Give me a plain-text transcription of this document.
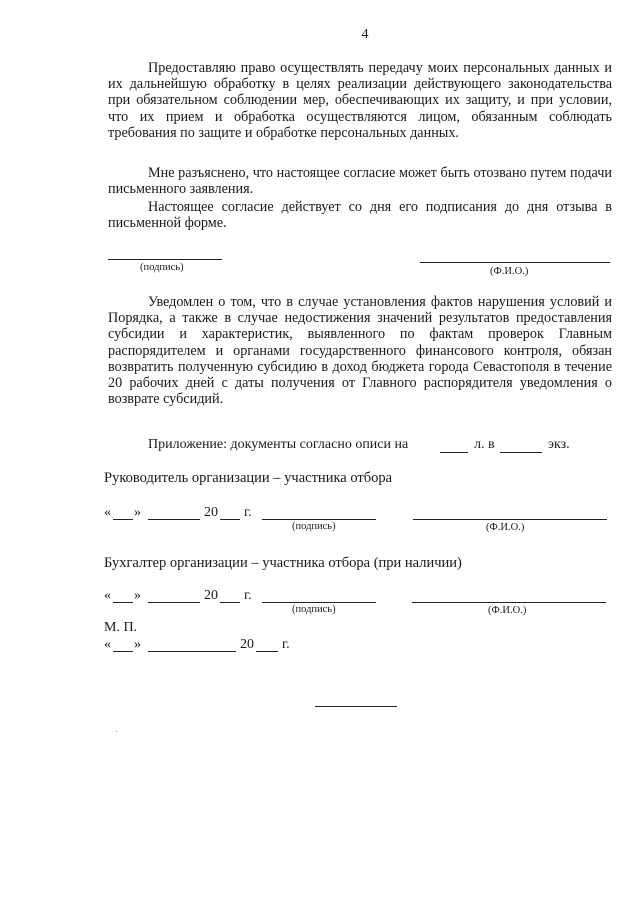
4
Предоставляю право осуществлять передачу моих персональных данных и их дальнейшую обработку в целях реализации действующего законодательства при обязательном соблюдении мер, обеспечивающих их защиту, и при условии, что их прием и обработка осуществляются лицом, обязанным соблюдать требования по защите и обработке персональных данных.
Мне разъяснено, что настоящее согласие может быть отозвано путем подачи письменного заявления.
Настоящее согласие действует со дня его подписания до дня отзыва в письменной форме.
(подпись)	(Ф.И.О.)
Уведомлен о том, что в случае установления фактов нарушения условий и Порядка, а также в случае недостижения значений результатов предоставления субсидии и характеристик, выявленного по фактам проверок Главным распорядителем и органами государственного финансового контроля, обязан возвратить полученную субсидию в доход бюджета города Севастополя в течение 20 рабочих дней с даты получения от Главного распорядителя уведомления о возврате субсидий.
Приложение: документы согласно описи на	л. в	экз.
Руководитель организации – участника отбора
« »	20 г.
(подпись)	(Ф.И.О.)
Бухгалтер организации – участника отбора (при наличии)
« »	20 г.
(подпись)	(Ф.И.О.)
М. П.
« »	20 г.
